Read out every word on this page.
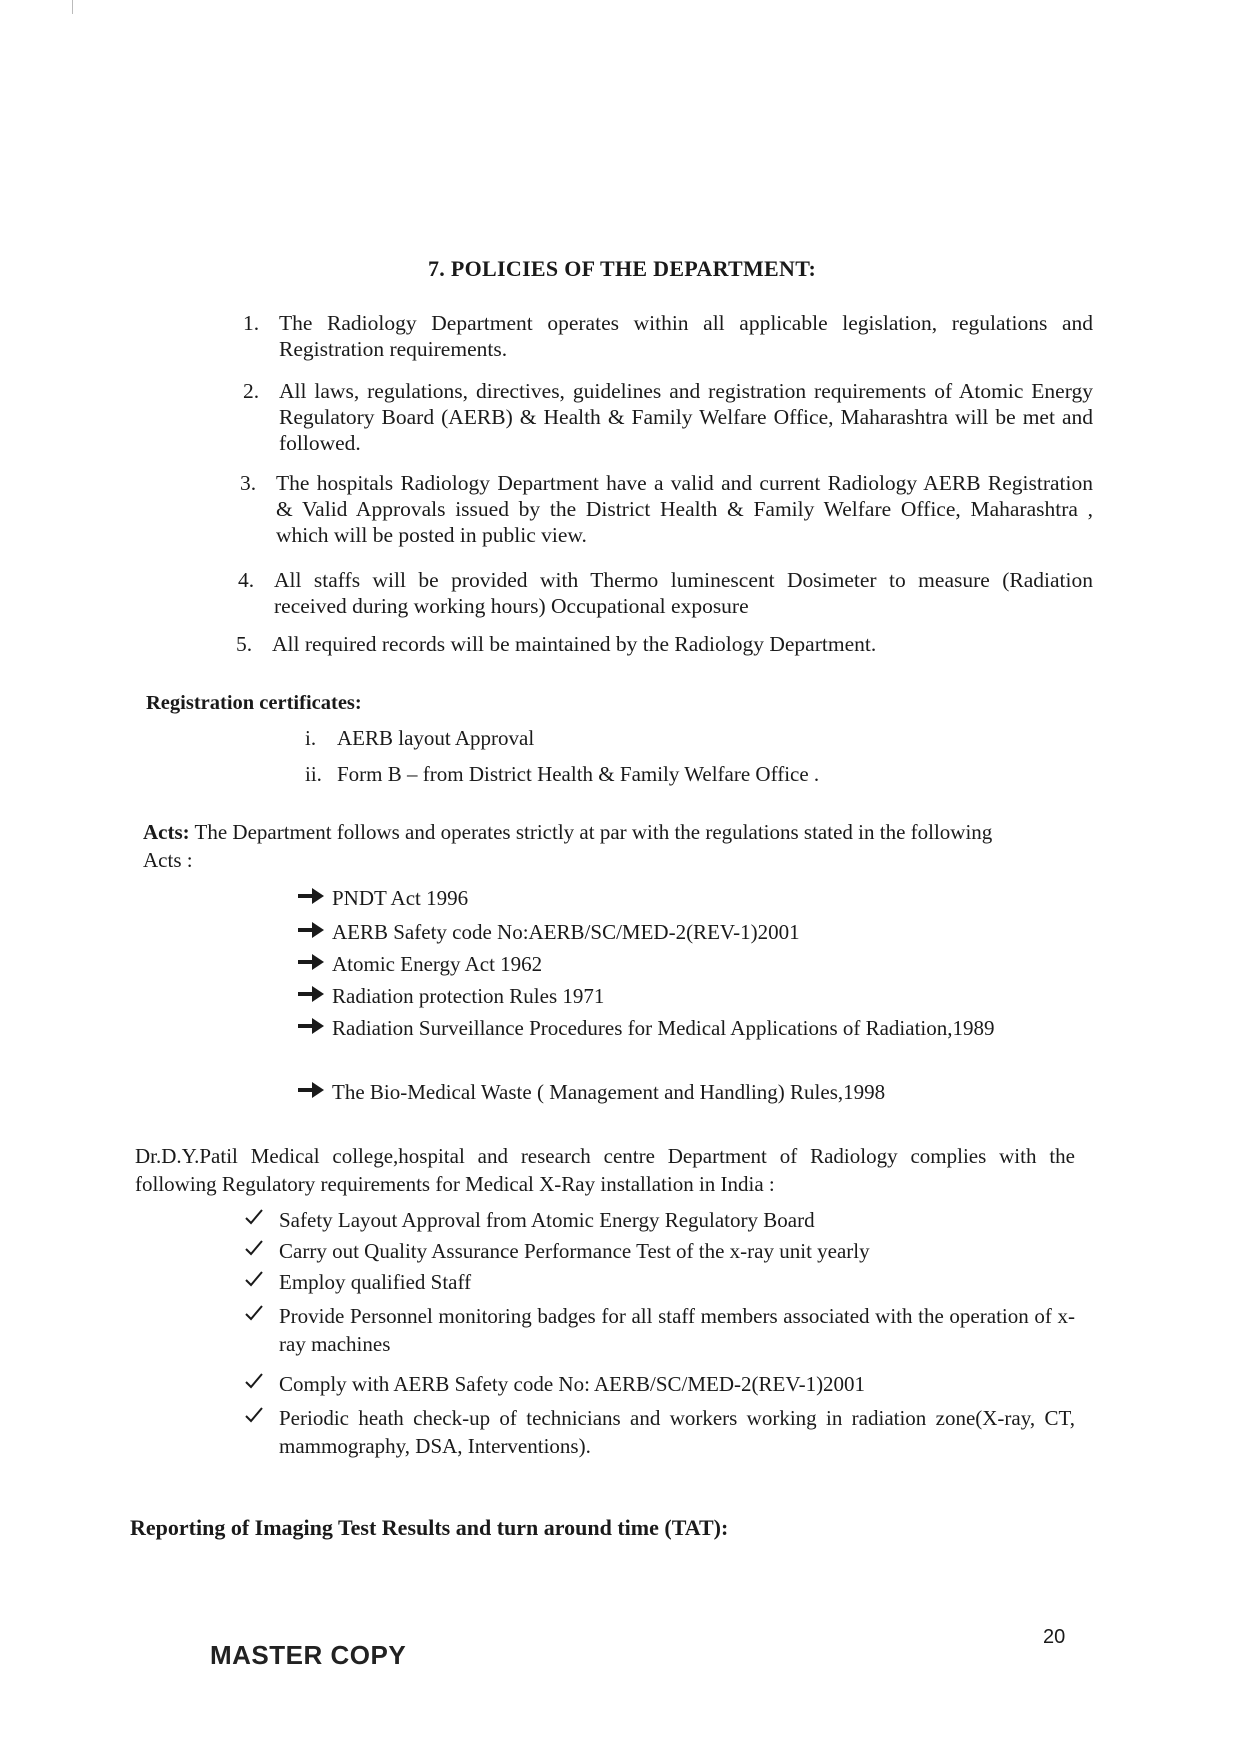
7. POLICIES OF THE DEPARTMENT:
1. The Radiology Department operates within all applicable legislation, regulations and Registration requirements.
2. All laws, regulations, directives, guidelines and registration requirements of Atomic Energy Regulatory Board (AERB) & Health & Family Welfare Office, Maharashtra will be met and followed.
3. The hospitals Radiology Department have a valid and current Radiology AERB Registration & Valid Approvals issued by the District Health & Family Welfare Office, Maharashtra , which will be posted in public view.
4. All staffs will be provided with Thermo luminescent Dosimeter to measure (Radiation received during working hours) Occupational exposure
5. All required records will be maintained by the Radiology Department.
Registration certificates:
i. AERB layout Approval
ii. Form B – from District Health & Family Welfare Office .
Acts: The Department follows and operates strictly at par with the regulations stated in the following Acts :
PNDT Act 1996
AERB Safety code No:AERB/SC/MED-2(REV-1)2001
Atomic Energy Act 1962
Radiation protection Rules 1971
Radiation Surveillance Procedures for Medical Applications of Radiation,1989
The Bio-Medical Waste ( Management and Handling) Rules,1998
Dr.D.Y.Patil Medical college,hospital and research centre Department of Radiology complies with the following Regulatory requirements for Medical X-Ray installation in India :
Safety Layout Approval from Atomic Energy Regulatory Board
Carry out Quality Assurance Performance Test of the x-ray unit yearly
Employ qualified Staff
Provide Personnel monitoring badges for all staff members associated with the operation of x-ray machines
Comply with AERB Safety code No: AERB/SC/MED-2(REV-1)2001
Periodic heath check-up of technicians and workers working in radiation zone(X-ray, CT, mammography, DSA, Interventions).
Reporting of Imaging Test Results and turn around time (TAT):
20
MASTER COPY
